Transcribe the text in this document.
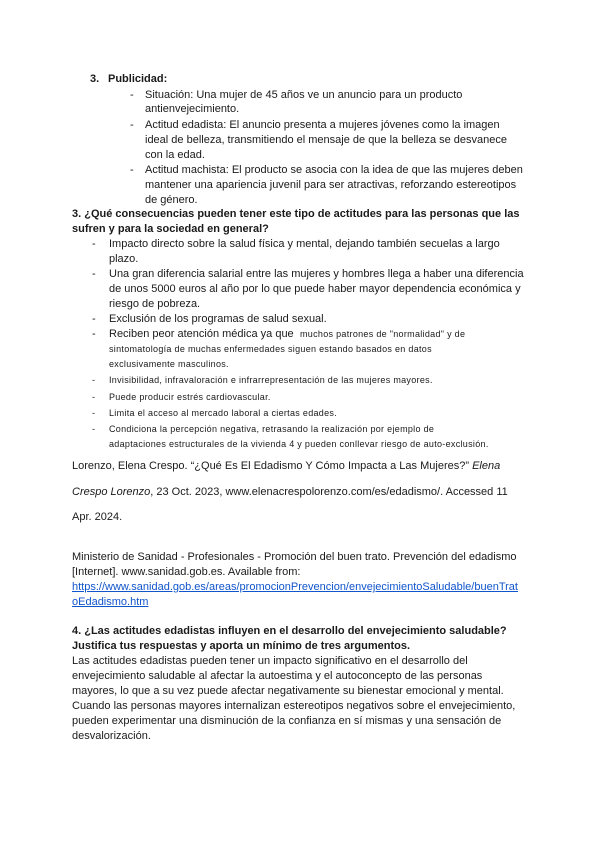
3. Publicidad:
- Situación: Una mujer de 45 años ve un anuncio para un producto
antienvejecimiento.
- Actitud edadista: El anuncio presenta a mujeres jóvenes como la imagen
ideal de belleza, transmitiendo el mensaje de que la belleza se desvanece
con la edad.
- Actitud machista: El producto se asocia con la idea de que las mujeres deben
mantener una apariencia juvenil para ser atractivas, reforzando estereotipos
de género.
3. ¿Qué consecuencias pueden tener este tipo de actitudes para las personas que las
sufren y para la sociedad en general?
- Impacto directo sobre la salud física y mental, dejando también secuelas a largo
plazo.
- Una gran diferencia salarial entre las mujeres y hombres llega a haber una diferencia
de unos 5000 euros al año por lo que puede haber mayor dependencia económica y
riesgo de pobreza.
- Exclusión de los programas de salud sexual.
- Reciben peor atención médica ya que muchos patrones de "normalidad" y de
sintomatología de muchas enfermedades siguen estando basados en datos
exclusivamente masculinos.
- Invisibilidad, infravaloración e infrarrepresentación de las mujeres mayores.
- Puede producir estrés cardiovascular.
- Limita el acceso al mercado laboral a ciertas edades.
- Condiciona la percepción negativa, retrasando la realización por ejemplo de
adaptaciones estructurales de la vivienda 4 y pueden conllevar riesgo de auto-exclusión.
Lorenzo, Elena Crespo. “¿Qué Es El Edadismo Y Cómo Impacta a Las Mujeres?” Elena
Crespo Lorenzo, 23 Oct. 2023, www.elenacrespolorenzo.com/es/edadismo/. Accessed 11
Apr. 2024.
Ministerio de Sanidad - Profesionales - Promoción del buen trato. Prevención del edadismo
[Internet]. www.sanidad.gob.es. Available from:
https://www.sanidad.gob.es/areas/promocionPrevencion/envejecimientoSaludable/buenTrat
oEdadismo.htm
4. ¿Las actitudes edadistas influyen en el desarrollo del envejecimiento saludable?
Justifica tus respuestas y aporta un mínimo de tres argumentos.
Las actitudes edadistas pueden tener un impacto significativo en el desarrollo del
envejecimiento saludable al afectar la autoestima y el autoconcepto de las personas
mayores, lo que a su vez puede afectar negativamente su bienestar emocional y mental.
Cuando las personas mayores internalizan estereotipos negativos sobre el envejecimiento,
pueden experimentar una disminución de la confianza en sí mismas y una sensación de
desvalorización.
